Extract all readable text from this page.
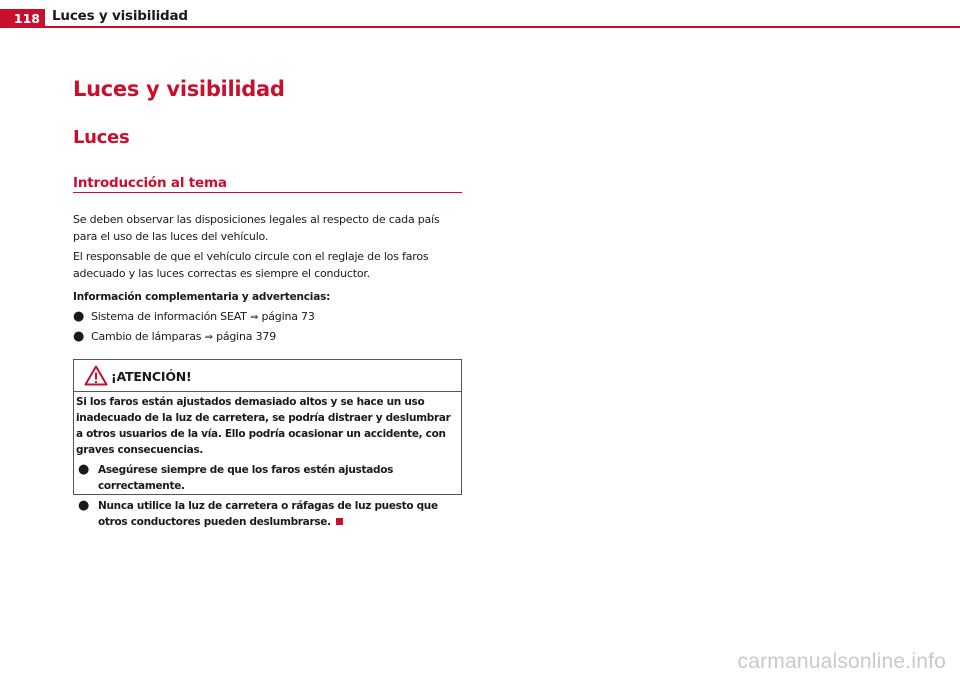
118 Luces y visibilidad
Luces y visibilidad
Luces
Introducción al tema
Se deben observar las disposiciones legales al respecto de cada país para el uso de las luces del vehículo.
El responsable de que el vehículo circule con el reglaje de los faros adecuado y las luces correctas es siempre el conductor.
Información complementaria y advertencias:
● Sistema de información SEAT ⇒ página 73
● Cambio de lámparas ⇒ página 379
¡ATENCIÓN!
Si los faros están ajustados demasiado altos y se hace un uso inadecuado de la luz de carretera, se podría distraer y deslumbrar a otros usuarios de la vía. Ello podría ocasionar un accidente, con graves consecuencias.
● Asegúrese siempre de que los faros estén ajustados correctamente.
● Nunca utilice la luz de carretera o ráfagas de luz puesto que otros conductores pueden deslumbrarse.
carmanualsonline.info
